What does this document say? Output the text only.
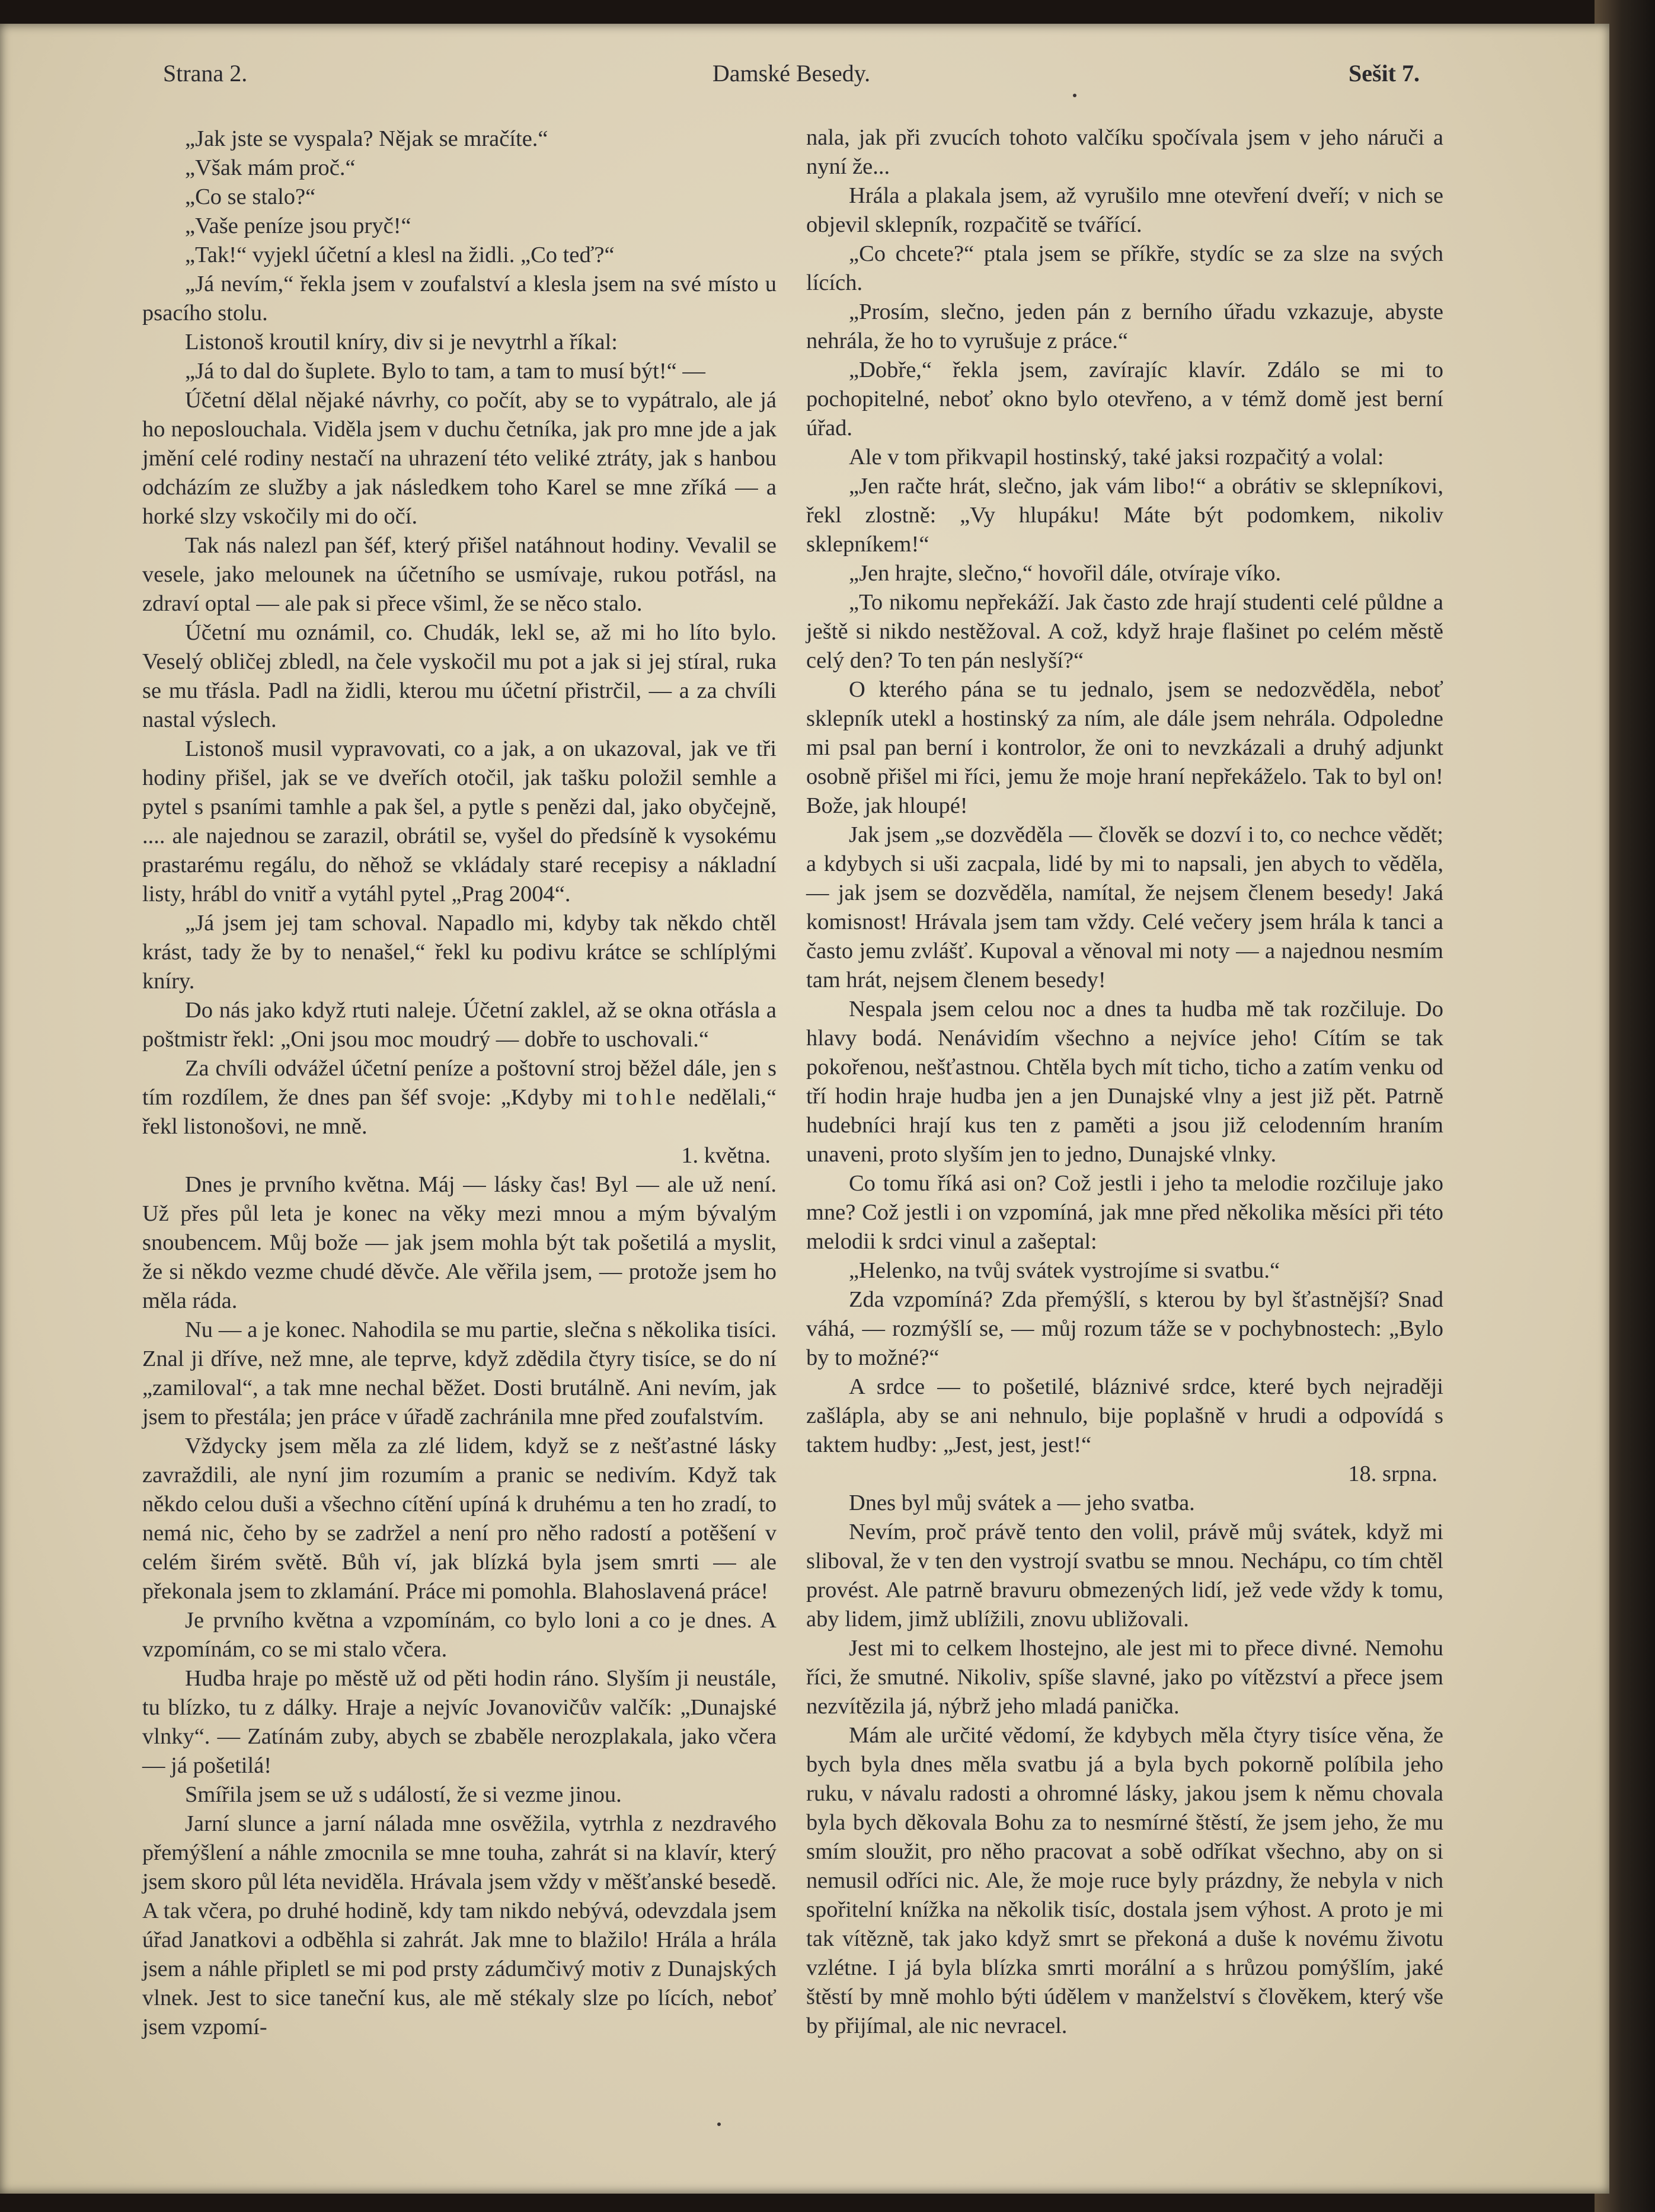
Damské Besedy.
Strana 2.	Sešit 7.

„Jak jste se vyspala? Nějak se mračíte.“

„Však mám proč.“

„Co se stalo?“

„Vaše peníze jsou pryč!“

„Tak!“ vyjekl účetní a klesl na židli. „Co teď?“

„Já nevím,“ řekla jsem v zoufalství a klesla jsem na své místo u psacího stolu.

Listonoš kroutil kníry, div si je nevytrhl a říkal:

„Já to dal do šuplete. Bylo to tam, a tam to musí být!“ —

Účetní dělal nějaké návrhy, co počít, aby se to vypátralo, ale já ho neposlouchala. Viděla jsem v duchu četníka, jak pro mne jde a jak jmění celé rodiny nestačí na uhrazení této veliké ztráty, jak s hanbou odcházím ze služby a jak následkem toho Karel se mne zříká — a horké slzy vskočily mi do očí.

Tak nás nalezl pan šéf, který přišel natáhnout hodiny. Vevalil se vesele, jako melounek na účetního se usmívaje, rukou potřásl, na zdraví optal — ale pak si přece všiml, že se něco stalo.

Účetní mu oznámil, co. Chudák, lekl se, až mi ho líto bylo. Veselý obličej zbledl, na čele vyskočil mu pot a jak si jej stíral, ruka se mu třásla. Padl na židli, kterou mu účetní přistrčil, — a za chvíli nastal výslech.

Listonoš musil vypravovati, co a jak, a on ukazoval, jak ve tři hodiny přišel, jak se ve dveřích otočil, jak tašku položil semhle a pytel s psaními tamhle a pak šel, a pytle s penězi dal, jako obyčejně, .... ale najednou se zarazil, obrátil se, vyšel do předsíně k vysokému prastarému regálu, do něhož se vkládaly staré recepisy a nákladní listy, hrábl do vnitř a vytáhl pytel „Prag 2004“.

„Já jsem jej tam schoval. Napadlo mi, kdyby tak někdo chtěl krást, tady že by to nenašel,“ řekl ku podivu krátce se schlíplými kníry.

Do nás jako když rtuti naleje. Účetní zaklel, až se okna otřásla a poštmistr řekl: „Oni jsou moc moudrý — dobře to uschovali.“

Za chvíli odvážel účetní peníze a poštovní stroj běžel dále, jen s tím rozdílem, že dnes pan šéf svoje: „Kdyby mi tohle nedělali,“ řekl listonošovi, ne mně.

1. května.

Dnes je prvního května. Máj — lásky čas! Byl — ale už není. Už přes půl leta je konec na věky mezi mnou a mým bývalým snoubencem. Můj bože — jak jsem mohla být tak pošetilá a myslit, že si někdo vezme chudé děvče. Ale věřila jsem, — protože jsem ho měla ráda.

Nu — a je konec. Nahodila se mu partie, slečna s několika tisíci. Znal ji dříve, než mne, ale teprve, když zdědila čtyry tisíce, se do ní „zamiloval“, a tak mne nechal běžet. Dosti brutálně. Ani nevím, jak jsem to přestála; jen práce v úřadě zachránila mne před zoufalstvím.

Vždycky jsem měla za zlé lidem, když se z nešťastné lásky zavraždili, ale nyní jim rozumím a pranic se nedivím. Když tak někdo celou duši a všechno cítění upíná k druhému a ten ho zradí, to nemá nic, čeho by se zadržel a není pro něho radostí a potěšení v celém širém světě. Bůh ví, jak blízká byla jsem smrti — ale překonala jsem to zklamání. Práce mi pomohla. Blahoslavená práce!

Je prvního května a vzpomínám, co bylo loni a co je dnes. A vzpomínám, co se mi stalo včera.

Hudba hraje po městě už od pěti hodin ráno. Slyším ji neustále, tu blízko, tu z dálky. Hraje a nejvíc Jovanovičův valčík: „Dunajské vlnky“. — Zatínám zuby, abych se zbaběle nerozplakala, jako včera — já pošetilá!

Smířila jsem se už s událostí, že si vezme jinou.

Jarní slunce a jarní nálada mne osvěžila, vytrhla z nezdravého přemýšlení a náhle zmocnila se mne touha, zahrát si na klavír, který jsem skoro půl léta neviděla. Hrávala jsem vždy v měšťanské besedě. A tak včera, po druhé hodině, kdy tam nikdo nebývá, odevzdala jsem úřad Janatkovi a odběhla si zahrát. Jak mne to blažilo! Hrála a hrála jsem a náhle připletl se mi pod prsty zádumčivý motiv z Dunajských vlnek. Jest to sice taneční kus, ale mě stékaly slze po lících, neboť jsem vzpomí-

nala, jak při zvucích tohoto valčíku spočívala jsem v jeho náruči a nyní že...

Hrála a plakala jsem, až vyrušilo mne otevření dveří; v nich se objevil sklepník, rozpačitě se tvářící.

„Co chcete?“ ptala jsem se příkře, stydíc se za slze na svých lících.

„Prosím, slečno, jeden pán z berního úřadu vzkazuje, abyste nehrála, že ho to vyrušuje z práce.“

„Dobře,“ řekla jsem, zavírajíc klavír. Zdálo se mi to pochopitelné, neboť okno bylo otevřeno, a v témž domě jest berní úřad.

Ale v tom přikvapil hostinský, také jaksi rozpačitý a volal:

„Jen račte hrát, slečno, jak vám libo!“ a obrátiv se sklepníkovi, řekl zlostně: „Vy hlupáku! Máte být podomkem, nikoliv sklepníkem!“

„Jen hrajte, slečno,“ hovořil dále, otvíraje víko.

„To nikomu nepřekáží. Jak často zde hrají studenti celé půldne a ještě si nikdo nestěžoval. A což, když hraje flašinet po celém městě celý den? To ten pán neslyší?“

O kterého pána se tu jednalo, jsem se nedozvěděla, neboť sklepník utekl a hostinský za ním, ale dále jsem nehrála. Odpoledne mi psal pan berní i kontrolor, že oni to nevzkázali a druhý adjunkt osobně přišel mi říci, jemu že moje hraní nepřekáželo. Tak to byl on! Bože, jak hloupé!

Jak jsem „se dozvěděla — člověk se dozví i to, co nechce vědět; a kdybych si uši zacpala, lidé by mi to napsali, jen abych to věděla, — jak jsem se dozvěděla, namítal, že nejsem členem besedy! Jaká komisnost! Hrávala jsem tam vždy. Celé večery jsem hrála k tanci a často jemu zvlášť. Kupoval a věnoval mi noty — a najednou nesmím tam hrát, nejsem členem besedy!

Nespala jsem celou noc a dnes ta hudba mě tak rozčiluje. Do hlavy bodá. Nenávidím všechno a nejvíce jeho! Cítím se tak pokořenou, nešťastnou. Chtěla bych mít ticho, ticho a zatím venku od tří hodin hraje hudba jen a jen Dunajské vlny a jest již pět. Patrně hudebníci hrají kus ten z paměti a jsou již celodenním hraním unaveni, proto slyším jen to jedno, Dunajské vlnky.

Co tomu říká asi on? Což jestli i jeho ta melodie rozčiluje jako mne? Což jestli i on vzpomíná, jak mne před několika měsíci při této melodii k srdci vinul a zašeptal:

„Helenko, na tvůj svátek vystrojíme si svatbu.“

Zda vzpomíná? Zda přemýšlí, s kterou by byl šťastnější? Snad váhá, — rozmýšlí se, — můj rozum táže se v pochybnostech: „Bylo by to možné?“

A srdce — to pošetilé, bláznivé srdce, které bych nejraději zašlápla, aby se ani nehnulo, bije poplašně v hrudi a odpovídá s taktem hudby: „Jest, jest, jest!“

18. srpna.

Dnes byl můj svátek a — jeho svatba.

Nevím, proč právě tento den volil, právě můj svátek, když mi sliboval, že v ten den vystrojí svatbu se mnou. Nechápu, co tím chtěl provést. Ale patrně bravuru obmezených lidí, jež vede vždy k tomu, aby lidem, jimž ublížili, znovu ubližovali.

Jest mi to celkem lhostejno, ale jest mi to přece divné. Nemohu říci, že smutné. Nikoliv, spíše slavné, jako po vítězství a přece jsem nezvítězila já, nýbrž jeho mladá panička.

Mám ale určité vědomí, že kdybych měla čtyry tisíce věna, že bych byla dnes měla svatbu já a byla bych pokorně políbila jeho ruku, v návalu radosti a ohromné lásky, jakou jsem k němu chovala byla bych děkovala Bohu za to nesmírné štěstí, že jsem jeho, že mu smím sloužit, pro něho pracovat a sobě odříkat všechno, aby on si nemusil odříci nic. Ale, že moje ruce byly prázdny, že nebyla v nich spořitelní knížka na několik tisíc, dostala jsem výhost. A proto je mi tak vítězně, tak jako když smrt se překoná a duše k novému životu vzlétne. I já byla blízka smrti morální a s hrůzou pomýšlím, jaké štěstí by mně mohlo býti údělem v manželství s člověkem, který vše by přijímal, ale nic nevracel.
